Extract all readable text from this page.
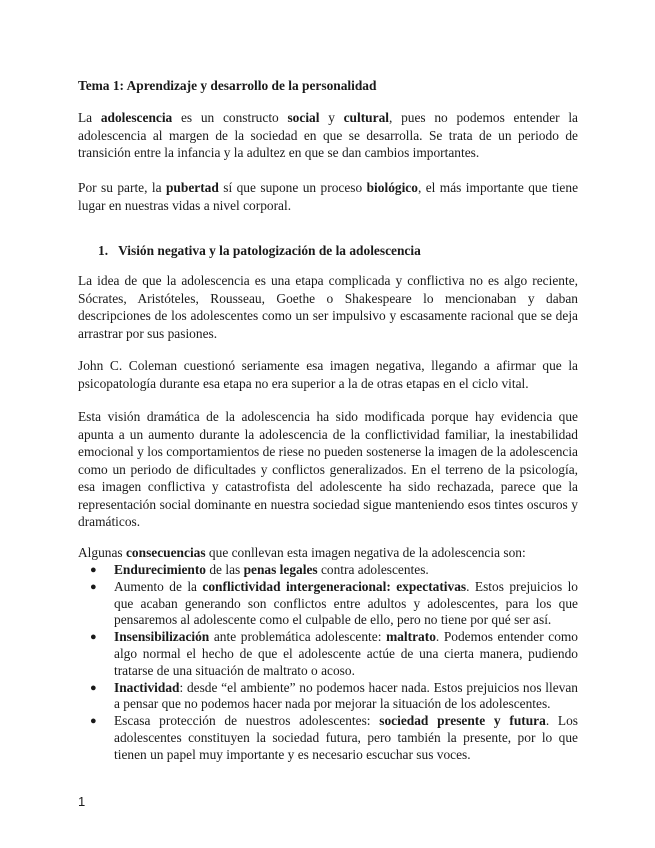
Tema 1: Aprendizaje y desarrollo de la personalidad

La adolescencia es un constructo social y cultural, pues no podemos entender la adolescencia al margen de la sociedad en que se desarrolla. Se trata de un periodo de transición entre la infancia y la adultez en que se dan cambios importantes.

Por su parte, la pubertad sí que supone un proceso biológico, el más importante que tiene lugar en nuestras vidas a nivel corporal.

1. Visión negativa y la patologización de la adolescencia

La idea de que la adolescencia es una etapa complicada y conflictiva no es algo reciente, Sócrates, Aristóteles, Rousseau, Goethe o Shakespeare lo mencionaban y daban descripciones de los adolescentes como un ser impulsivo y escasamente racional que se deja arrastrar por sus pasiones.

John C. Coleman cuestionó seriamente esa imagen negativa, llegando a afirmar que la psicopatología durante esa etapa no era superior a la de otras etapas en el ciclo vital.

Esta visión dramática de la adolescencia ha sido modificada porque hay evidencia que apunta a un aumento durante la adolescencia de la conflictividad familiar, la inestabilidad emocional y los comportamientos de riese no pueden sostenerse la imagen de la adolescencia como un periodo de dificultades y conflictos generalizados. En el terreno de la psicología, esa imagen conflictiva y catastrofista del adolescente ha sido rechazada, parece que la representación social dominante en nuestra sociedad sigue manteniendo esos tintes oscuros y dramáticos.

Algunas consecuencias que conllevan esta imagen negativa de la adolescencia son:
● Endurecimiento de las penas legales contra adolescentes.
● Aumento de la conflictividad intergeneracional: expectativas. Estos prejuicios lo que acaban generando son conflictos entre adultos y adolescentes, para los que pensaremos al adolescente como el culpable de ello, pero no tiene por qué ser así.
● Insensibilización ante problemática adolescente: maltrato. Podemos entender como algo normal el hecho de que el adolescente actúe de una cierta manera, pudiendo tratarse de una situación de maltrato o acoso.
● Inactividad: desde “el ambiente” no podemos hacer nada. Estos prejuicios nos llevan a pensar que no podemos hacer nada por mejorar la situación de los adolescentes.
● Escasa protección de nuestros adolescentes: sociedad presente y futura. Los adolescentes constituyen la sociedad futura, pero también la presente, por lo que tienen un papel muy importante y es necesario escuchar sus voces.
1
